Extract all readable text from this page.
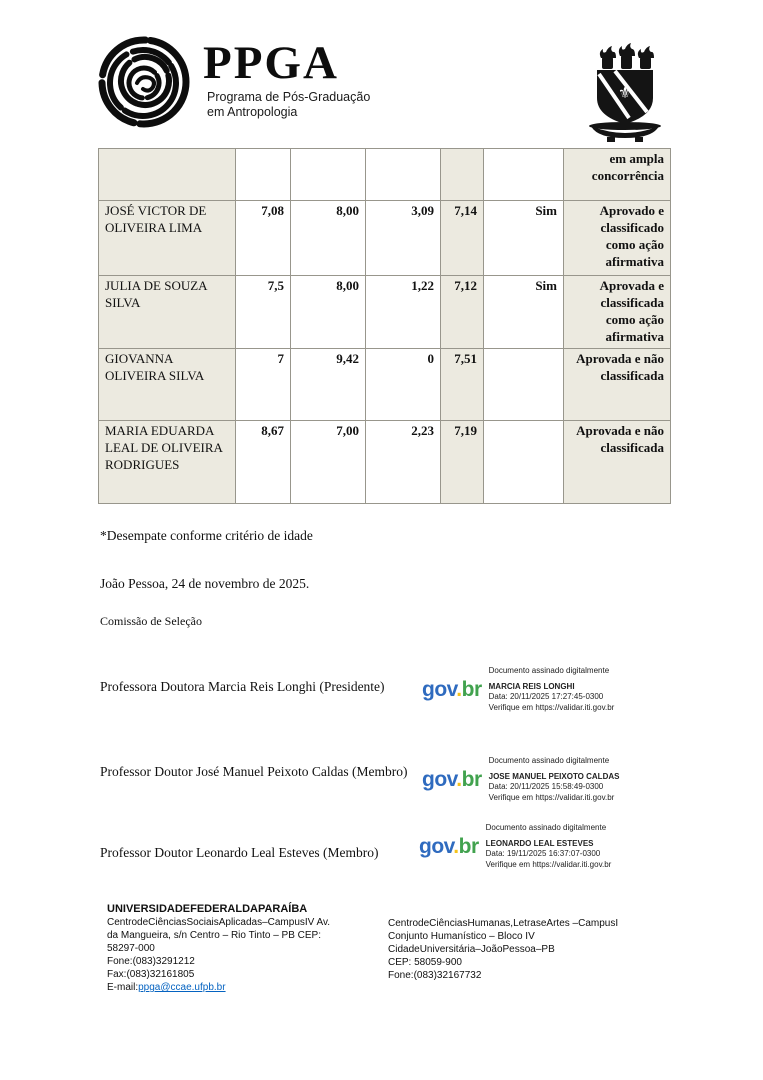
PPGA
Programa de Pós-Graduação
em Antropologia
⚜
						em ampla concorrência
JOSÉ VICTOR DE OLIVEIRA LIMA	7,08	8,00	3,09	7,14	Sim	Aprovado e classificado como ação afirmativa
JULIA DE SOUZA SILVA	7,5	8,00	1,22	7,12	Sim	Aprovada e classificada como ação afirmativa
GIOVANNA OLIVEIRA SILVA	7	9,42	0	7,51		Aprovada e não classificada
MARIA EDUARDA LEAL DE OLIVEIRA RODRIGUES	8,67	7,00	2,23	7,19		Aprovada e não classificada
*Desempate conforme critério de idade
João Pessoa, 24 de novembro de 2025.
Comissão de Seleção
Professora Doutora Marcia Reis Longhi (Presidente) gov.br
Documento assinado digitalmente
MARCIA REIS LONGHI
Data: 20/11/2025 17:27:45-0300
Verifique em https://validar.iti.gov.br
Professor Doutor José Manuel Peixoto Caldas (Membro) gov.br
Documento assinado digitalmente
JOSE MANUEL PEIXOTO CALDAS
Data: 20/11/2025 15:58:49-0300
Verifique em https://validar.iti.gov.br
Professor Doutor Leonardo Leal Esteves (Membro) gov.br
Documento assinado digitalmente
LEONARDO LEAL ESTEVES
Data: 19/11/2025 16:37:07-0300
Verifique em https://validar.iti.gov.br
UNIVERSIDADEFEDERALDAPARAÍBA
CentrodeCiênciasSociaisAplicadas–CampusIV Av.
da Mangueira, s/n Centro – Rio Tinto – PB CEP:
58297-000
Fone:(083)3291212
Fax:(083)32161805
E-mail:ppga@ccae.ufpb.br
CentrodeCiênciasHumanas,LetraseArtes –CampusI
Conjunto Humanístico – Bloco IV
CidadeUniversitária–JoãoPessoa–PB
CEP: 58059-900
Fone:(083)32167732
